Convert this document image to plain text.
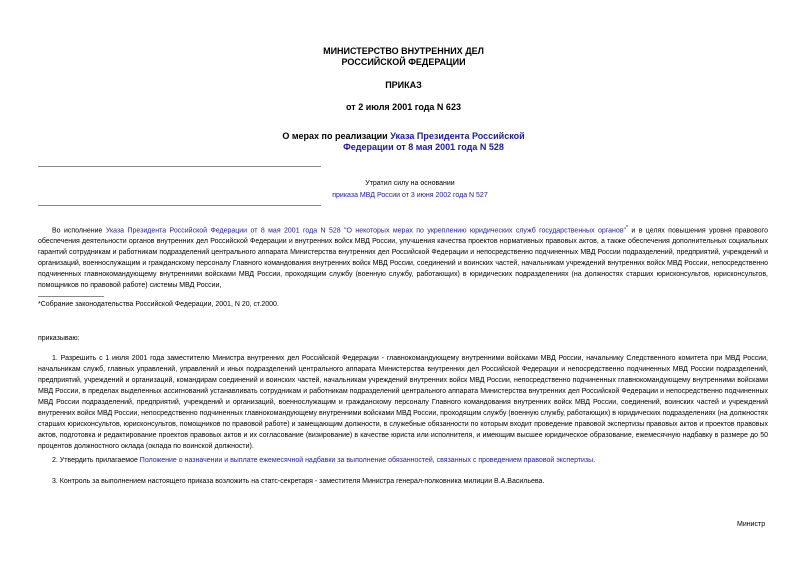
МИНИСТЕРСТВО ВНУТРЕННИХ ДЕЛ
РОССИЙСКОЙ ФЕДЕРАЦИИ
ПРИКАЗ
от 2 июля 2001 года N 623
О мерах по реализации Указа Президента Российской
Федерации от 8 мая 2001 года N 528
Утратил силу на основании
приказа МВД России от 3 июня 2002 года N 527
Во исполнение Указа Президента Российской Федерации от 8 мая 2001 года N 528 "О некоторых мерах по укреплению юридических служб государственных органов"* и в целях повышения уровня правового обеспечения деятельности органов внутренних дел Российской Федерации и внутренних войск МВД России, улучшения качества проектов нормативных правовых актов, а также обеспечения дополнительных социальных гарантий сотрудникам и работникам подразделений центрального аппарата Министерства внутренних дел Российской Федерации и непосредственно подчиненных МВД России подразделений, предприятий, учреждений и организаций, военнослужащим и гражданскому персоналу Главного командования внутренних войск МВД России, соединений и воинских частей, начальникам учреждений внутренних войск МВД России, непосредственно подчиненных главнокомандующему внутренними войсками МВД России, проходящим службу (военную службу, работающих) в юридических подразделениях (на должностях старших юрисконсультов, юрисконсультов, помощников по правовой работе) системы МВД России,
*Собрание законодательства Российской Федерации, 2001, N 20, ст.2000.
приказываю:
1. Разрешить с 1 июля 2001 года заместителю Министра внутренних дел Российской Федерации - главнокомандующему внутренними войсками МВД России, начальнику Следственного комитета при МВД России, начальникам служб, главных управлений, управлений и иных подразделений центрального аппарата Министерства внутренних дел Российской Федерации и непосредственно подчиненных МВД России подразделений, предприятий, учреждений и организаций, командирам соединений и воинских частей, начальникам учреждений внутренних войск МВД России, непосредственно подчиненных главнокомандующему внутренними войсками МВД России, в пределах выделенных ассигнований устанавливать сотрудникам и работникам подразделений центрального аппарата Министерства внутренних дел Российской Федерации и непосредственно подчиненных МВД России подразделений, предприятий, учреждений и организаций, военнослужащим и гражданскому персоналу Главного командования внутренних войск МВД России, соединений, воинских частей и учреждений внутренних войск МВД России, непосредственно подчиненных главнокомандующему внутренними войсками МВД России, проходящим службу (военную службу, работающих) в юридических подразделениях (на должностях старших юрисконсультов, юрисконсультов, помощников по правовой работе) и замещающим должности, в служебные обязанности по которым входит проведение правовой экспертизы правовых актов и проектов правовых актов, подготовка и редактирование проектов правовых актов и их согласование (визирование) в качестве юриста или исполнителя, и имеющим высшее юридическое образование, ежемесячную надбавку в размере до 50 процентов должностного оклада (оклада по воинской должности).
2. Утвердить прилагаемое Положение о назначении и выплате ежемесячной надбавки за выполнение обязанностей, связанных с проведением правовой экспертизы.
3. Контроль за выполнением настоящего приказа возложить на статс-секретаря - заместителя Министра генерал-полковника милиции В.А.Васильева.
Министр
